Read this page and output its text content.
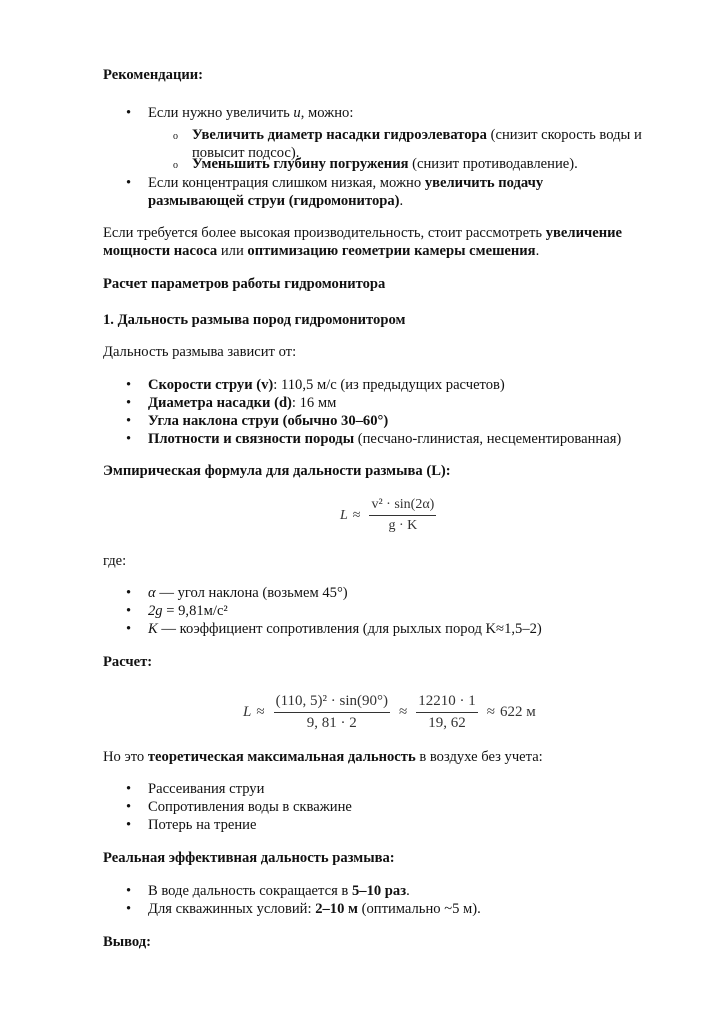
Рекомендации:
• Если нужно увеличить u, можно:
o Увеличить диаметр насадки гидроэлеватора (снизит скорость воды и повысит подсос).
o Уменьшить глубину погружения (снизит противодавление).
• Если концентрация слишком низкая, можно увеличить подачу размывающей струи (гидромонитора).
Если требуется более высокая производительность, стоит рассмотреть увеличение мощности насоса или оптимизацию геометрии камеры смешения.
Расчет параметров работы гидромонитора
1. Дальность размыва пород гидромонитором
Дальность размыва зависит от:
• Скорости струи (v): 110,5 м/с (из предыдущих расчетов)
• Диаметра насадки (d): 16 мм
• Угла наклона струи (обычно 30–60°)
• Плотности и связности породы (песчано-глинистая, несцементированная)
Эмпирическая формула для дальности размыва (L):
$L \approx \frac{\text{v² · sin(2α)}}{g \cdot K}$
где:
• α — угол наклона (возьмем 45°)
• 2g = 9,81м/с²
• K — коэффициент сопротивления (для рыхлых пород K≈1,5–2)
Расчет:
$L \approx \frac{\text{(110, 5)² · sin(90°)}}{9, 81 \cdot 2} \approx \frac{12210 \cdot 1}{19, 62} \approx 622$ м
Но это теоретическая максимальная дальность в воздухе без учета:
• Рассеивания струи
• Сопротивления воды в скважине
• Потерь на трение
Реальная эффективная дальность размыва:
• В воде дальность сокращается в 5–10 раз.
• Для скважинных условий: 2–10 м (оптимально ~5 м).
Вывод:
